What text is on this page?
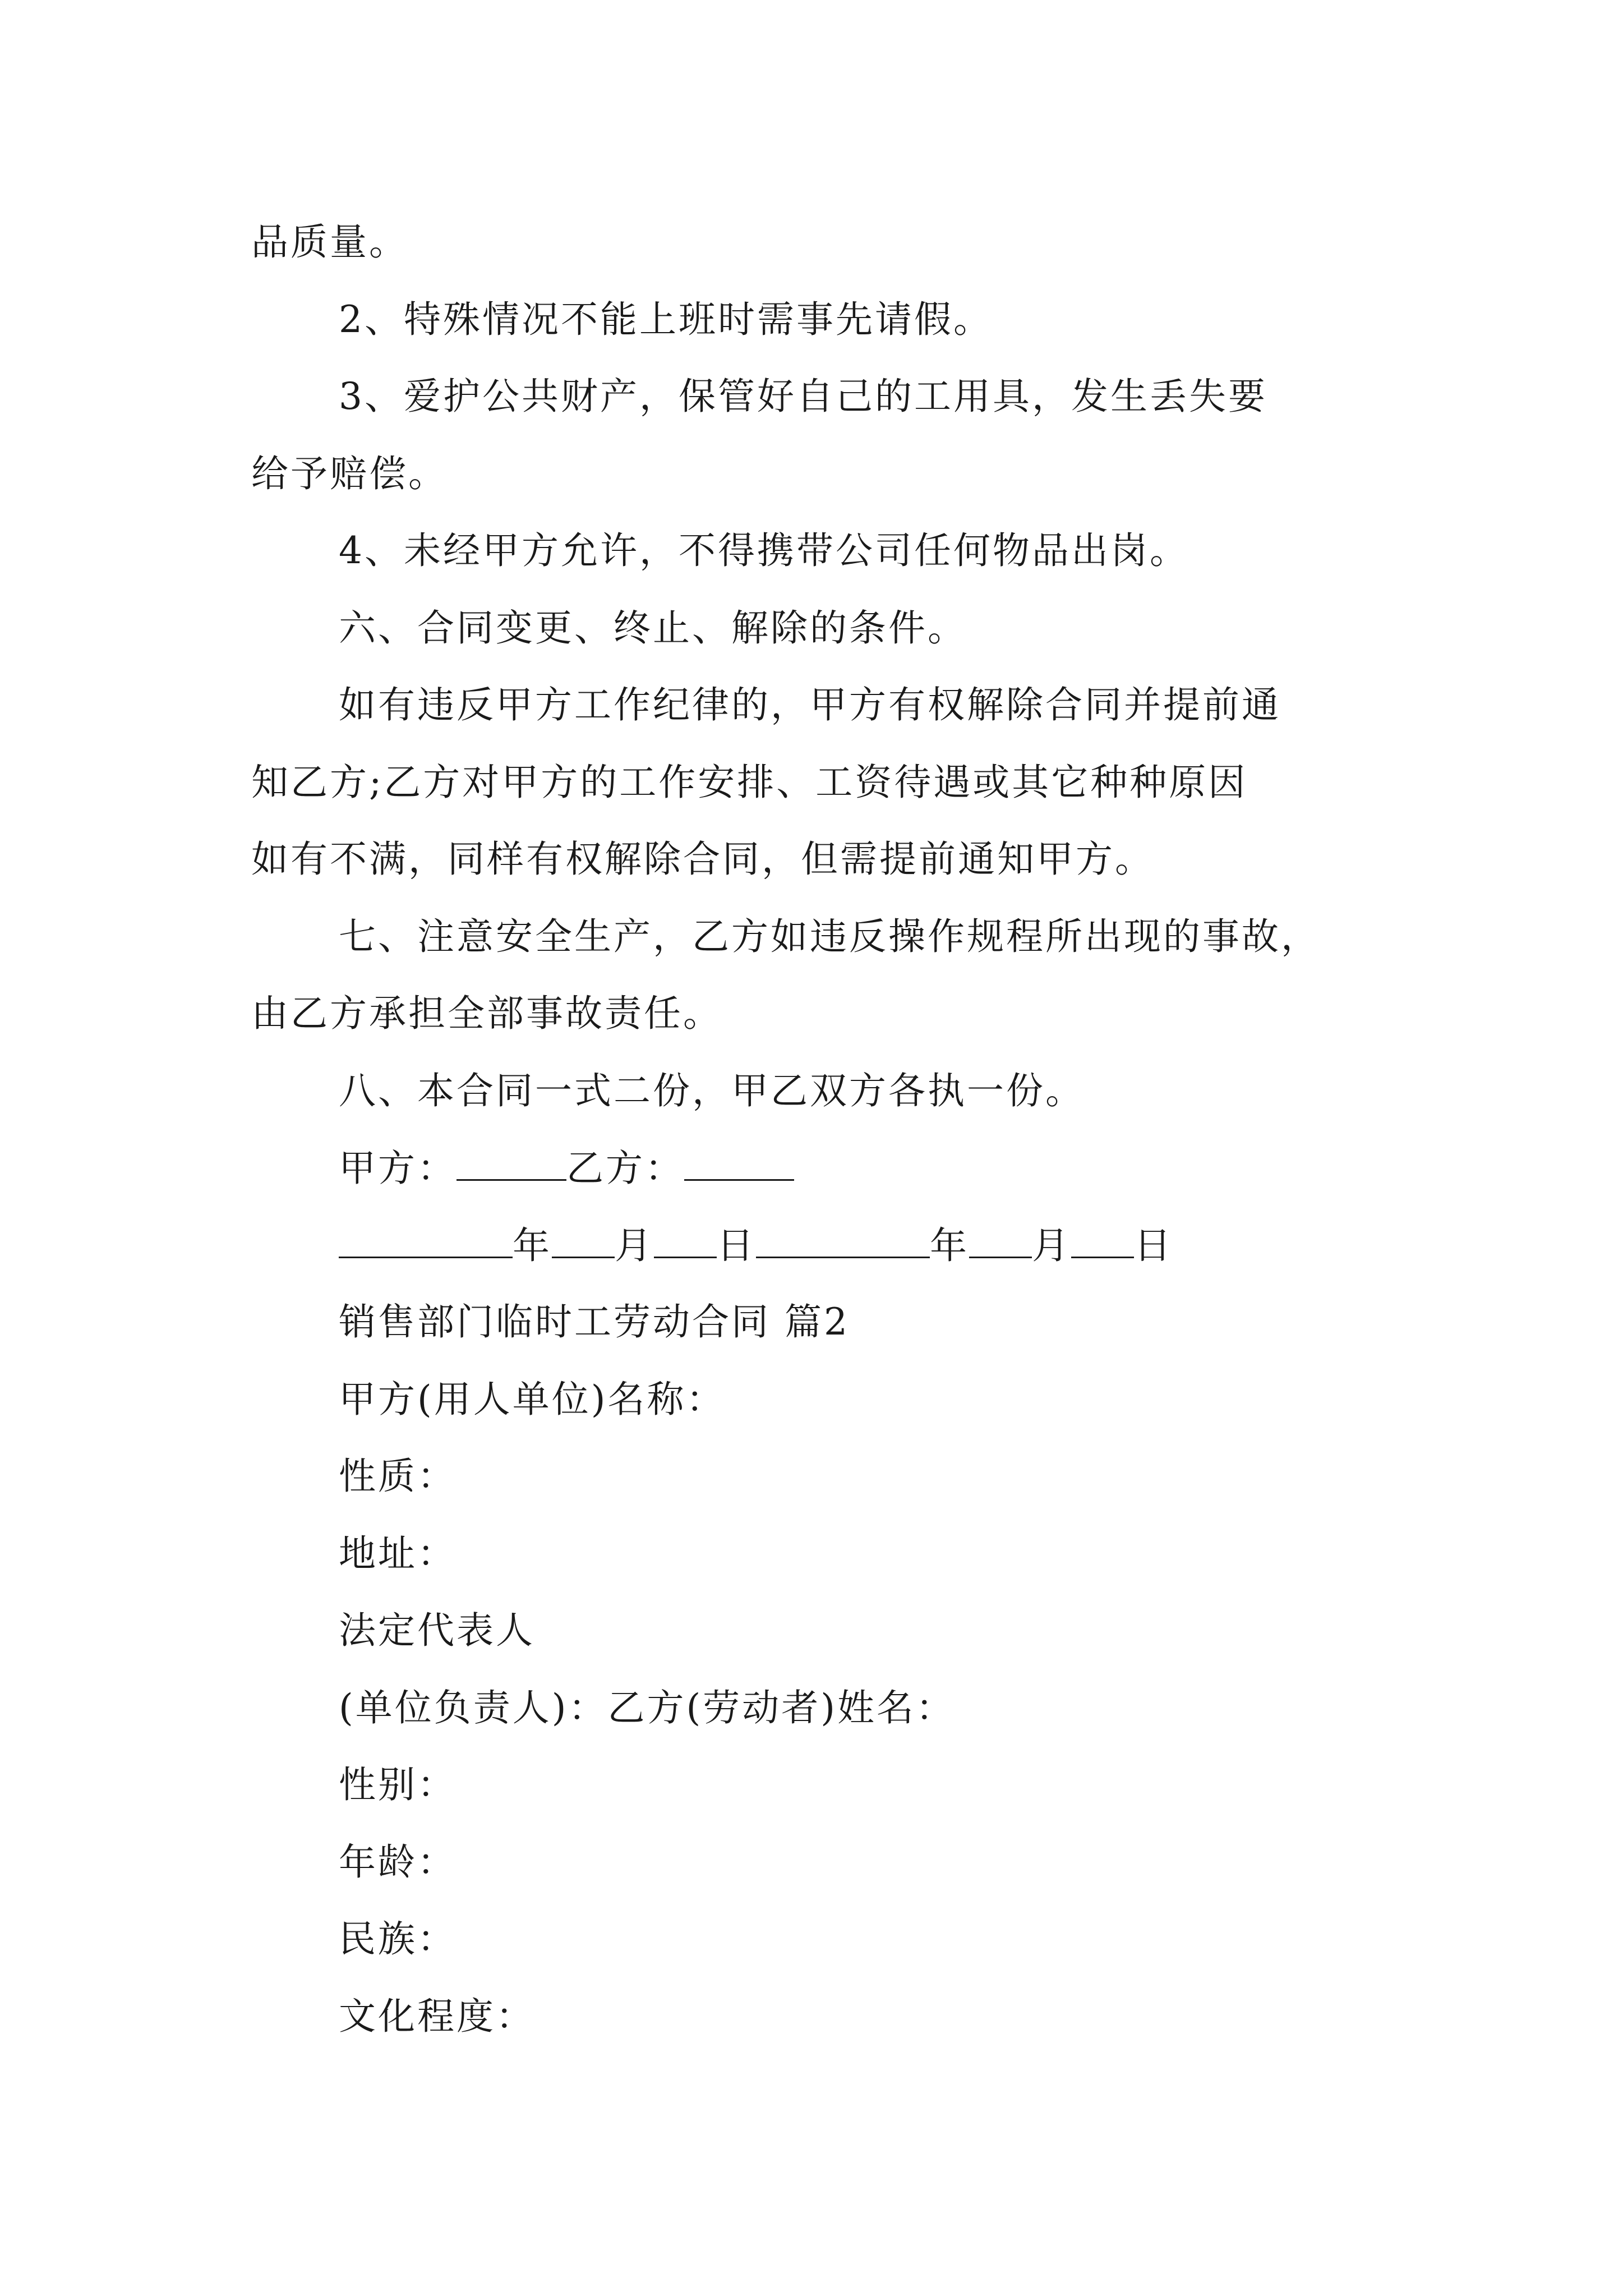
品质量。
2、特殊情况不能上班时需事先请假。
3、爱护公共财产，保管好自己的工用具，发生丢失要
给予赔偿。
4、未经甲方允许，不得携带公司任何物品出岗。
六、合同变更、终止、解除的条件。
如有违反甲方工作纪律的，甲方有权解除合同并提前通
知乙方;乙方对甲方的工作安排、工资待遇或其它种种原因
如有不满，同样有权解除合同，但需提前通知甲方。
七、注意安全生产，乙方如违反操作规程所出现的事故，
由乙方承担全部事故责任。
八、本合同一式二份，甲乙双方各执一份。
甲方：	乙方：
年 月 日	年 月 日
销售部门临时工劳动合同 篇2
甲方(用人单位)名称：
性质：
地址：
法定代表人
(单位负责人)：乙方(劳动者)姓名：
性别：
年龄：
民族：
文化程度：
